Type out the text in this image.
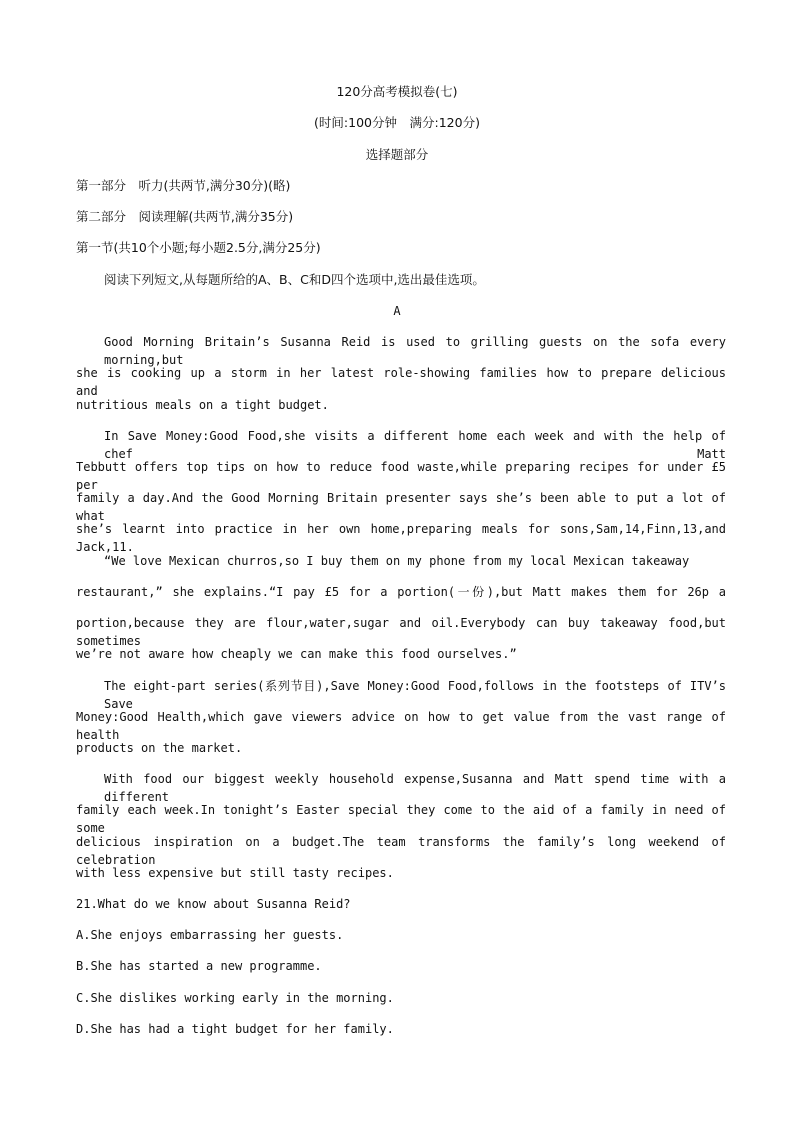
120分高考模拟卷(七)
(时间:100分钟　满分:120分)
选择题部分
第一部分　听力(共两节,满分30分)(略)
第二部分　阅读理解(共两节,满分35分)
第一节(共10个小题;每小题2.5分,满分25分)
阅读下列短文,从每题所给的A、B、C和D四个选项中,选出最佳选项。
A
Good Morning Britain’s Susanna Reid is used to grilling guests on the sofa every morning,but
she is cooking up a storm in her latest role-showing families how to prepare delicious and
nutritious meals on a tight budget.
In Save Money:Good Food,she visits a different home each week and with the help of chef Matt
Tebbutt offers top tips on how to reduce food waste,while preparing recipes for under £5 per
family a day.And the Good Morning Britain presenter says she’s been able to put a lot of what
she’s learnt into practice in her own home,preparing meals for sons,Sam,14,Finn,13,and Jack,11.
“We love Mexican churros,so I buy them on my phone from my local Mexican takeaway
restaurant,” she explains.“I pay £5 for a portion(一份),but Matt makes them for 26p a
portion,because they are flour,water,sugar and oil.Everybody can buy takeaway food,but sometimes
we’re not aware how cheaply we can make this food ourselves.”
The eight-part series(系列节目),Save Money:Good Food,follows in the footsteps of ITV’s Save
Money:Good Health,which gave viewers advice on how to get value from the vast range of health
products on the market.
With food our biggest weekly household expense,Susanna and Matt spend time with a different
family each week.In tonight’s Easter special they come to the aid of a family in need of some
delicious inspiration on a budget.The team transforms the family’s long weekend of celebration
with less expensive but still tasty recipes.
21.What do we know about Susanna Reid?
A.She enjoys embarrassing her guests.
B.She has started a new programme.
C.She dislikes working early in the morning.
D.She has had a tight budget for her family.
